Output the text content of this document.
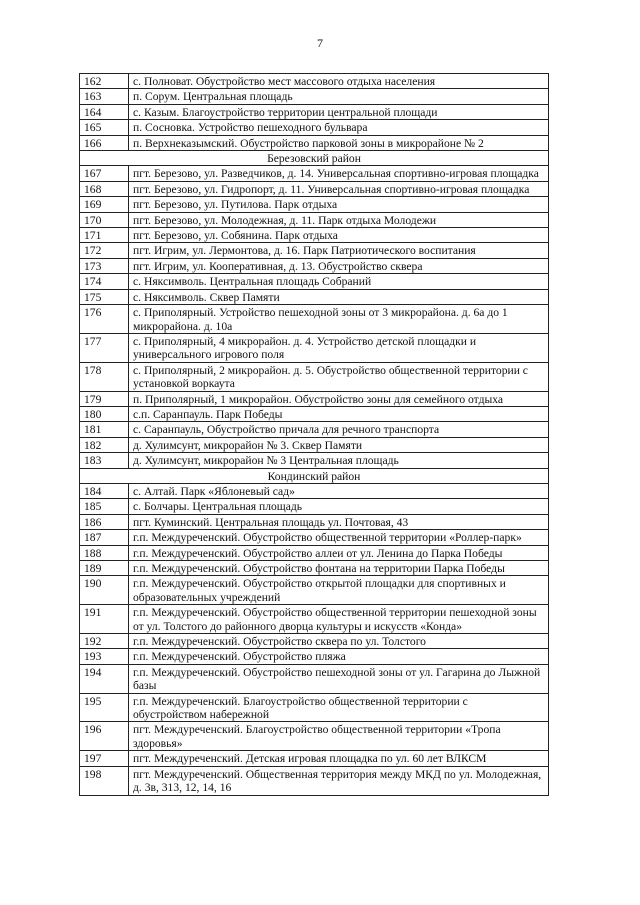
7
162	с. Полноват. Обустройство мест массового отдыха населения
163	п. Сорум. Центральная площадь
164	с. Казым. Благоустройство территории центральной площади
165	п. Сосновка. Устройство пешеходного бульвара
166	п. Верхнеказымский. Обустройство парковой зоны в микрорайоне № 2
Березовский район	
167	пгт. Березово, ул. Разведчиков, д. 14. Универсальная спортивно-игровая площадка
168	пгт. Березово, ул. Гидропорт, д. 11. Универсальная спортивно-игровая площадка
169	пгт. Березово, ул. Путилова. Парк отдыха
170	пгт. Березово, ул. Молодежная, д. 11. Парк отдыха Молодежи
171	пгт. Березово, ул. Собянина. Парк отдыха
172	пгт. Игрим, ул. Лермонтова, д. 16. Парк Патриотического воспитания
173	пгт. Игрим, ул. Кооперативная, д. 13. Обустройство сквера
174	с. Няксимволь. Центральная площадь Собраний
175	с. Няксимволь. Сквер Памяти
176	с. Приполярный. Устройство пешеходной зоны от 3 микрорайона. д. 6а до 1 микрорайона. д. 10а
177	с. Приполярный, 4 микрорайон. д. 4. Устройство детской площадки и универсального игрового поля
178	с. Приполярный, 2 микрорайон. д. 5. Обустройство общественной территории с установкой воркаута
179	п. Приполярный, 1 микрорайон. Обустройство зоны для семейного отдыха
180	с.п. Саранпауль. Парк Победы
181	с. Саранпауль, Обустройство причала для речного транспорта
182	д. Хулимсунт, микрорайон № 3. Сквер Памяти
183	д. Хулимсунт, микрорайон № 3 Центральная площадь
Кондинский район	
184	с. Алтай. Парк «Яблоневый сад»
185	с. Болчары. Центральная площадь
186	пгт. Куминский. Центральная площадь ул. Почтовая, 43
187	г.п. Междуреченский. Обустройство общественной территории «Роллер-парк»
188	г.п. Междуреченский. Обустройство аллеи от ул. Ленина до Парка Победы
189	г.п. Междуреченский. Обустройство фонтана на территории Парка Победы
190	г.п. Междуреченский. Обустройство открытой площадки для спортивных и образовательных учреждений
191	г.п. Междуреченский. Обустройство общественной территории пешеходной зоны от ул. Толстого до районного дворца культуры и искусств «Конда»
192	г.п. Междуреченский. Обустройство сквера по ул. Толстого
193	г.п. Междуреченский. Обустройство пляжа
194	г.п. Междуреченский. Обустройство пешеходной зоны от ул. Гагарина до Лыжной базы
195	г.п. Междуреченский. Благоустройство общественной территории с обустройством набережной
196	пгт. Междуреченский. Благоустройство общественной территории «Тропа здоровья»
197	пгт. Междуреченский. Детская игровая площадка по ул. 60 лет ВЛКСМ
198	пгт. Междуреченский. Общественная территория между МКД по ул. Молодежная, д. 3в, 313, 12, 14, 16
